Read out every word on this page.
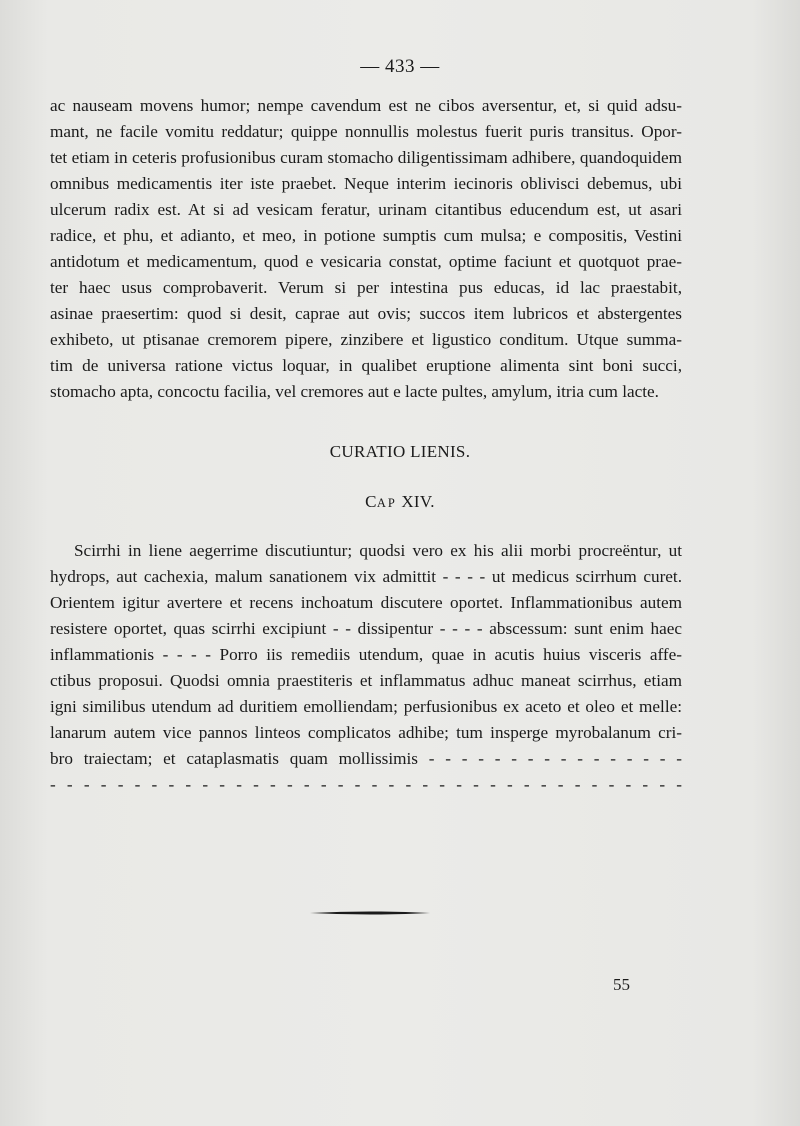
— 433 —
ac nauseam movens humor; nempe cavendum est ne cibos aversentur, et, si quid adsu-
mant, ne facile vomitu reddatur; quippe nonnullis molestus fuerit puris transitus. Opor-
tet etiam in ceteris profusionibus curam stomacho diligentissimam adhibere, quandoquidem
omnibus medicamentis iter iste praebet. Neque interim iecinoris oblivisci debemus, ubi
ulcerum radix est. At si ad vesicam feratur, urinam citantibus educendum est, ut asari
radice, et phu, et adianto, et meo, in potione sumptis cum mulsa; e compositis, Vestini
antidotum et medicamentum, quod e vesicaria constat, optime faciunt et quotquot prae-
ter haec usus comprobaverit. Verum si per intestina pus educas, id lac praestabit,
asinae praesertim: quod si desit, caprae aut ovis; succos item lubricos et abstergentes
exhibeto, ut ptisanae cremorem pipere, zinzibere et ligustico conditum. Utque summa-
tim de universa ratione victus loquar, in qualibet eruptione alimenta sint boni succi,
stomacho apta, concoctu facilia, vel cremores aut e lacte pultes, amylum, itria cum lacte.
CURATIO LIENIS.
CAP XIV.
Scirrhi in liene aegerrime discutiuntur; quodsi vero ex his alii morbi procreëntur, ut
hydrops, aut cachexia, malum sanationem vix admittit - - - - ut medicus scirrhum curet.
Orientem igitur avertere et recens inchoatum discutere oportet. Inflammationibus autem
resistere oportet, quas scirrhi excipiunt - - dissipentur - - - - abscessum: sunt enim haec
inflammationis - - - - Porro iis remediis utendum, quae in acutis huius visceris affe-
ctibus proposui. Quodsi omnia praestiteris et inflammatus adhuc maneat scirrhus, etiam
igni similibus utendum ad duritiem emolliendam; perfusionibus ex aceto et oleo et melle:
lanarum autem vice pannos linteos complicatos adhibe; tum insperge myrobalanum cri-
bro traiectam; et cataplasmatis quam mollissimis - - - - - - - - - - - - - - - -
- - - - - - - - - - - - - - - - - - - - - - - - - - - - - - - - - - - - - -
55
